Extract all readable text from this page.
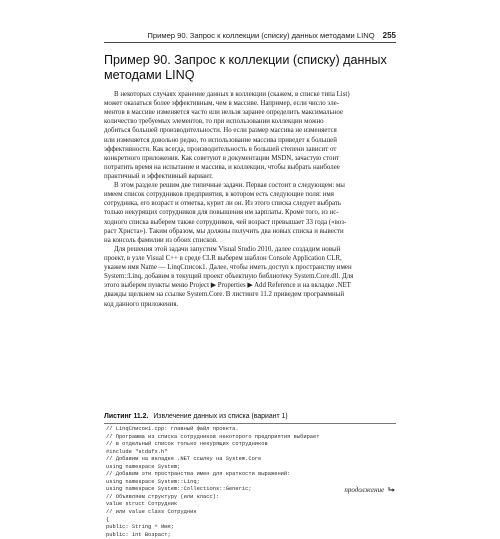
Пример 90. Запрос к коллекции (списку) данных методами LINQ 255
Пример 90. Запрос к коллекции (списку) данных
методами LINQ
В некоторых случаях хранение данных в коллекции (скажем, в списке типа List)
может оказаться более эффективным, чем в массиве. Например, если число эле-
ментов в массиве изменяется часто или нельзя заранее определить максимальное
количество требуемых элементов, то при использовании коллекции можно
добиться большей производительности. Но если размер массива не изменяется
или изменяется довольно редко, то использование массива приведет к большей
эффективности. Как всегда, производительность в большей степени зависит от
конкретного приложения. Как советуют в документации MSDN, зачастую стоит
потратить время на испытание и массива, и коллекции, чтобы выбрать наиболее
практичный и эффективный вариант.
В этом разделе решим две типичные задачи. Первая состоит в следующем: мы
имеем список сотрудников предприятия, в котором есть следующие поля: имя
сотрудника, его возраст и отметка, курит ли он. Из этого списка следует выбрать
только некурящих сотрудников для повышения им зарплаты. Кроме того, из ис-
ходного списка выберем также сотрудников, чей возраст превышает 33 года («воз-
раст Христа»). Таким образом, мы должны получить два новых списка и вывести
на консоль фамилии из обоих списков.
Для решения этой задачи запустим Visual Studio 2010, далее создадим новый
проект, в узле Visual C++ в среде CLR выберем шаблон Console Application CLR,
укажем имя Name — LinqСписок1. Далее, чтобы иметь доступ к пространству имен
System::Linq, добавим в текущий проект объектную библиотеку System.Core.dll. Для
этого выберем пункты меню Project ▶ Properties ▶ Add Reference и на вкладке .NET
дважды щелкнем на ссылке System.Core. В листинге 11.2 приведем программный
код данного приложения.
Листинг 11.2. Извлечение данных из списка (вариант 1)
// LinqСписок1.cpp: главный файл проекта.
// Программа из списка сотрудников некоторого предприятия выбирает
// в отдельный список только некурящих сотрудников
#include "stdafx.h"
// Добавим на вкладке .NET ссылку на System.Core
using namespace System;
// Добавим эти пространства имен для краткости выражений:
using namespace System::Linq;
using namespace System::Collections::Generic;
// Объявляем структуру (или класс):
value struct Сотрудник
// или value class Сотрудник
{
public: String ^ Имя;
public: int Возраст;
продолжение
